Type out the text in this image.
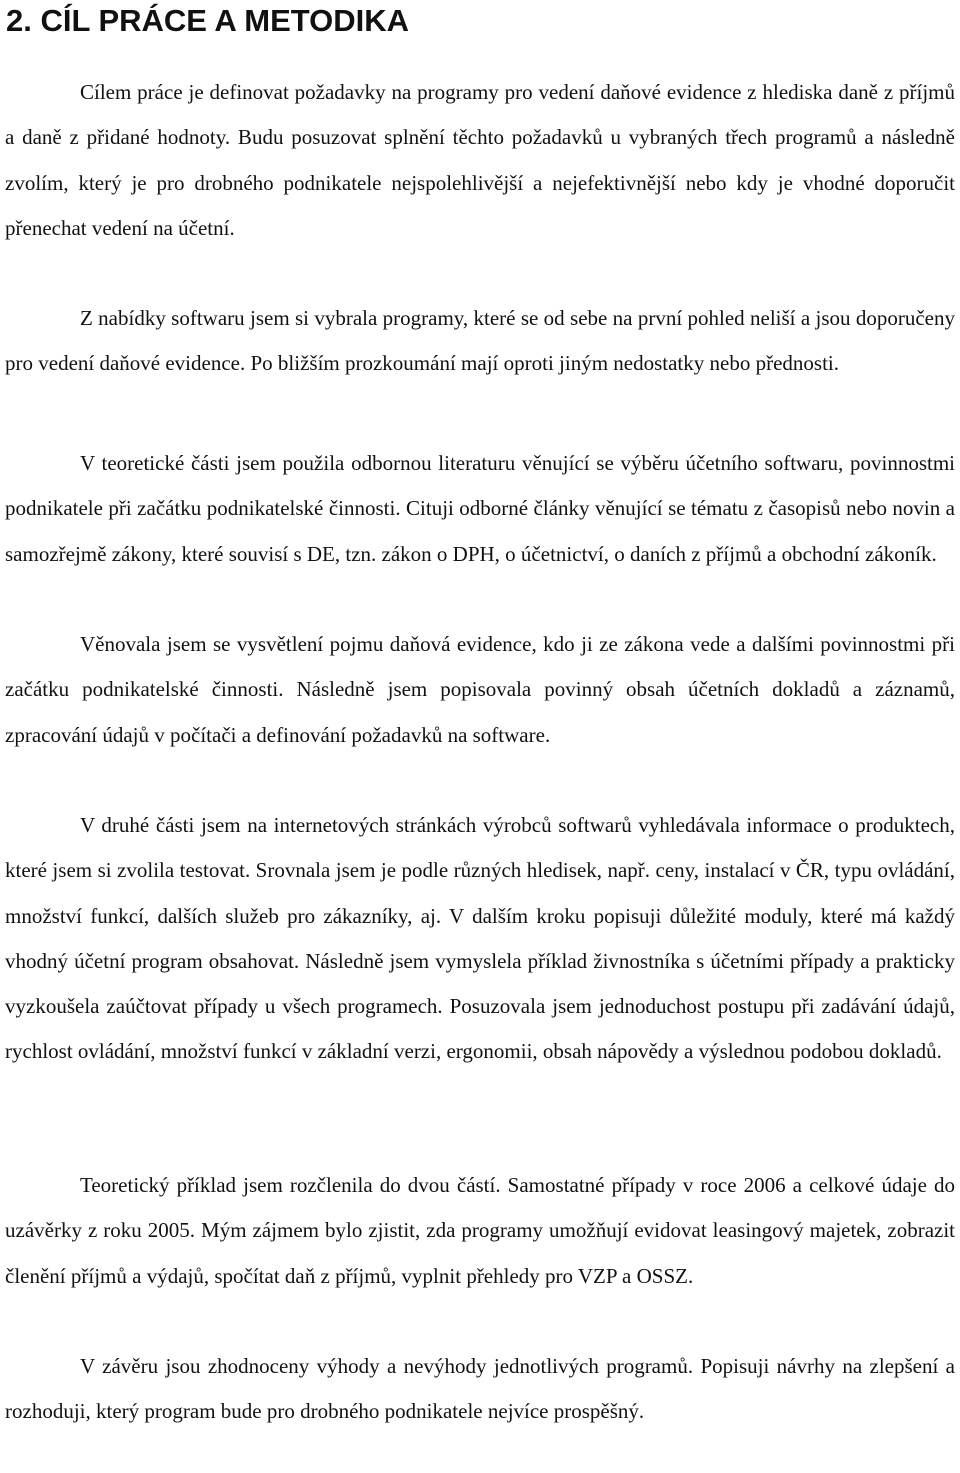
2. CÍL PRÁCE A METODIKA

Cílem práce je definovat požadavky na programy pro vedení daňové evidence z hlediska daně z příjmů a daně z přidané hodnoty. Budu posuzovat splnění těchto požadavků u vybraných třech programů a následně zvolím, který je pro drobného podnikatele nejspolehlivější a nejefektivnější nebo kdy je vhodné doporučit přenechat vedení na účetní.

Z nabídky softwaru jsem si vybrala programy, které se od sebe na první pohled neliší a jsou doporučeny pro vedení daňové evidence. Po bližším prozkoumání mají oproti jiným nedostatky nebo přednosti.

V teoretické části jsem použila odbornou literaturu věnující se výběru účetního softwaru, povinnostmi podnikatele při začátku podnikatelské činnosti. Cituji odborné články věnující se tématu z časopisů nebo novin a samozřejmě zákony, které souvisí s DE, tzn. zákon o DPH, o účetnictví, o daních z příjmů a obchodní zákoník.

Věnovala jsem se vysvětlení pojmu daňová evidence, kdo ji ze zákona vede a dalšími povinnostmi při začátku podnikatelské činnosti. Následně jsem popisovala povinný obsah účetních dokladů a záznamů, zpracování údajů v počítači a definování požadavků na software.

V druhé části jsem na internetových stránkách výrobců softwarů vyhledávala informace o produktech, které jsem si zvolila testovat. Srovnala jsem je podle různých hledisek, např. ceny, instalací v ČR, typu ovládání, množství funkcí, dalších služeb pro zákazníky, aj. V dalším kroku popisuji důležité moduly, které má každý vhodný účetní program obsahovat. Následně jsem vymyslela příklad živnostníka s účetními případy a prakticky vyzkoušela zaúčtovat případy u všech programech. Posuzovala jsem jednoduchost postupu při zadávání údajů, rychlost ovládání, množství funkcí v základní verzi, ergonomii, obsah nápovědy a výslednou podobou dokladů.

Teoretický příklad jsem rozčlenila do dvou částí. Samostatné případy v roce 2006 a celkové údaje do uzávěrky z roku 2005. Mým zájmem bylo zjistit, zda programy umožňují evidovat leasingový majetek, zobrazit členění příjmů a výdajů, spočítat daň z příjmů, vyplnit přehledy pro VZP a OSSZ.

V závěru jsou zhodnoceny výhody a nevýhody jednotlivých programů. Popisuji návrhy na zlepšení a rozhoduji, který program bude pro drobného podnikatele nejvíce prospěšný.
